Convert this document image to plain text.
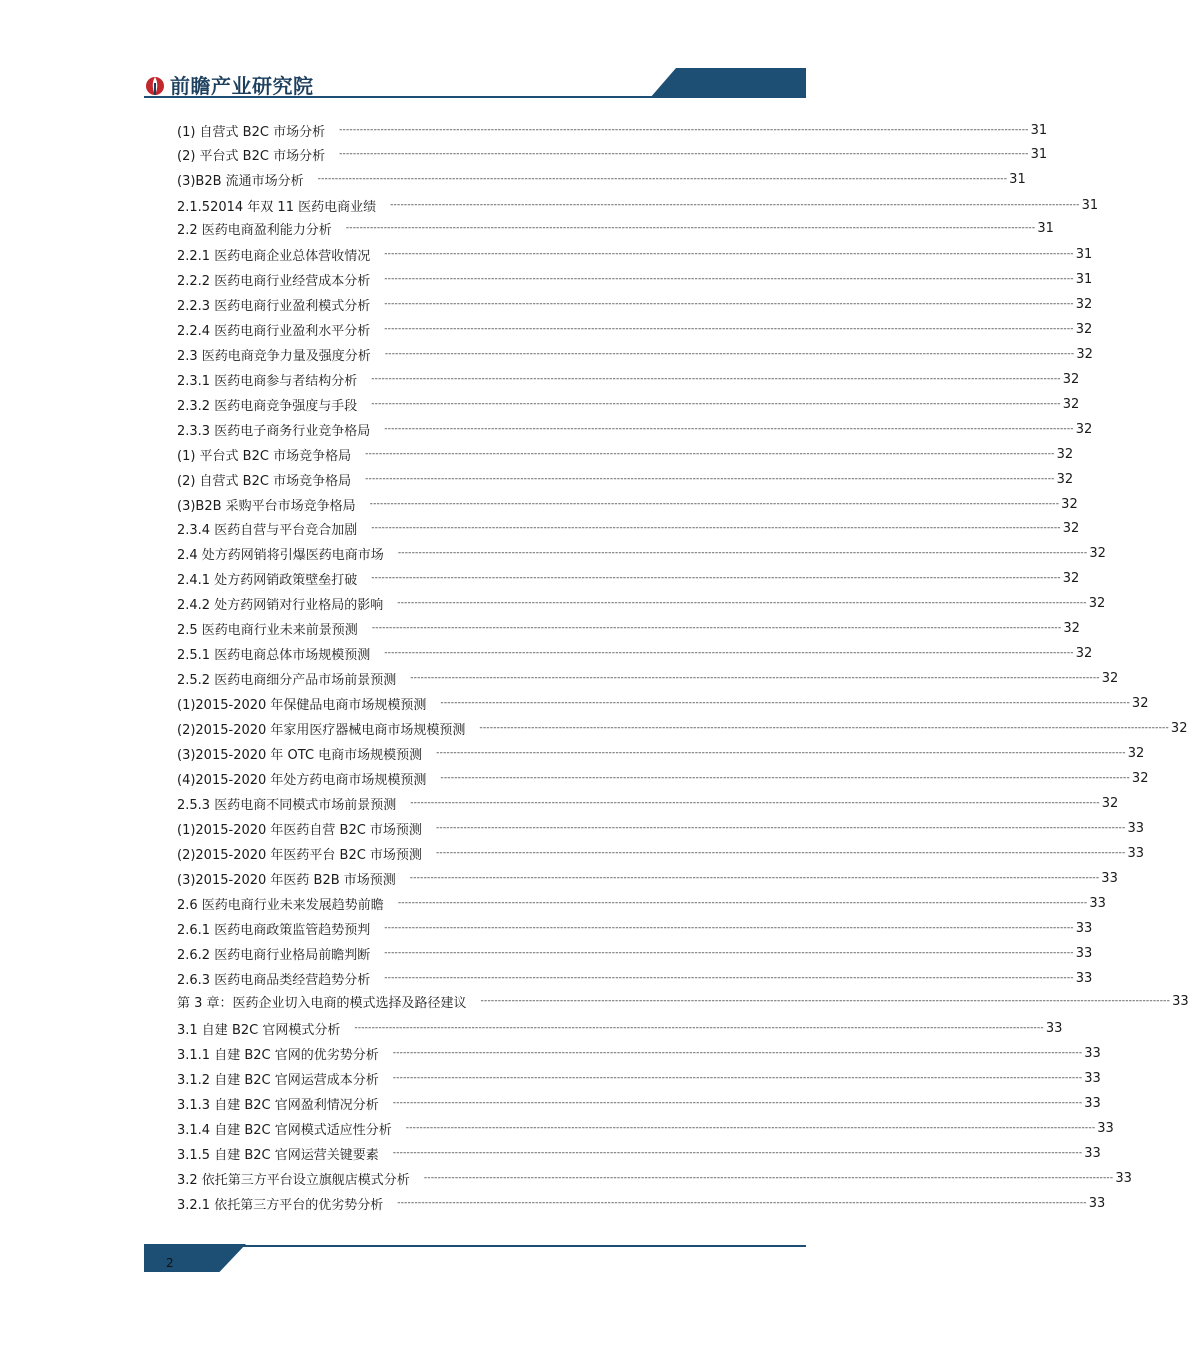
前瞻产业研究院
(1) 自营式 B2C 市场分析 -------------------------------------------------------------------------------------------------------------------------------------------------------------------------------------------------------- 31
(2) 平台式 B2C 市场分析 -------------------------------------------------------------------------------------------------------------------------------------------------------------------------------------------------------- 31
(3)B2B 流通市场分析 -------------------------------------------------------------------------------------------------------------------------------------------------------------------------------------------------------- 31
2.1.52014 年双 11 医药电商业绩 -------------------------------------------------------------------------------------------------------------------------------------------------------------------------------------------------------- 31
2.2 医药电商盈利能力分析 -------------------------------------------------------------------------------------------------------------------------------------------------------------------------------------------------------- 31
2.2.1 医药电商企业总体营收情况 -------------------------------------------------------------------------------------------------------------------------------------------------------------------------------------------------------- 31
2.2.2 医药电商行业经营成本分析 -------------------------------------------------------------------------------------------------------------------------------------------------------------------------------------------------------- 31
2.2.3 医药电商行业盈利模式分析 -------------------------------------------------------------------------------------------------------------------------------------------------------------------------------------------------------- 32
2.2.4 医药电商行业盈利水平分析 -------------------------------------------------------------------------------------------------------------------------------------------------------------------------------------------------------- 32
2.3 医药电商竞争力量及强度分析 -------------------------------------------------------------------------------------------------------------------------------------------------------------------------------------------------------- 32
2.3.1 医药电商参与者结构分析 -------------------------------------------------------------------------------------------------------------------------------------------------------------------------------------------------------- 32
2.3.2 医药电商竞争强度与手段 -------------------------------------------------------------------------------------------------------------------------------------------------------------------------------------------------------- 32
2.3.3 医药电子商务行业竞争格局 -------------------------------------------------------------------------------------------------------------------------------------------------------------------------------------------------------- 32
(1) 平台式 B2C 市场竞争格局 -------------------------------------------------------------------------------------------------------------------------------------------------------------------------------------------------------- 32
(2) 自营式 B2C 市场竞争格局 -------------------------------------------------------------------------------------------------------------------------------------------------------------------------------------------------------- 32
(3)B2B 采购平台市场竞争格局 -------------------------------------------------------------------------------------------------------------------------------------------------------------------------------------------------------- 32
2.3.4 医药自营与平台竞合加剧 -------------------------------------------------------------------------------------------------------------------------------------------------------------------------------------------------------- 32
2.4 处方药网销将引爆医药电商市场 -------------------------------------------------------------------------------------------------------------------------------------------------------------------------------------------------------- 32
2.4.1 处方药网销政策壁垒打破 -------------------------------------------------------------------------------------------------------------------------------------------------------------------------------------------------------- 32
2.4.2 处方药网销对行业格局的影响 -------------------------------------------------------------------------------------------------------------------------------------------------------------------------------------------------------- 32
2.5 医药电商行业未来前景预测 -------------------------------------------------------------------------------------------------------------------------------------------------------------------------------------------------------- 32
2.5.1 医药电商总体市场规模预测 -------------------------------------------------------------------------------------------------------------------------------------------------------------------------------------------------------- 32
2.5.2 医药电商细分产品市场前景预测 -------------------------------------------------------------------------------------------------------------------------------------------------------------------------------------------------------- 32
(1)2015-2020 年保健品电商市场规模预测 -------------------------------------------------------------------------------------------------------------------------------------------------------------------------------------------------------- 32
(2)2015-2020 年家用医疗器械电商市场规模预测 -------------------------------------------------------------------------------------------------------------------------------------------------------------------------------------------------------- 32
(3)2015-2020 年 OTC 电商市场规模预测 -------------------------------------------------------------------------------------------------------------------------------------------------------------------------------------------------------- 32
(4)2015-2020 年处方药电商市场规模预测 -------------------------------------------------------------------------------------------------------------------------------------------------------------------------------------------------------- 32
2.5.3 医药电商不同模式市场前景预测 -------------------------------------------------------------------------------------------------------------------------------------------------------------------------------------------------------- 32
(1)2015-2020 年医药自营 B2C 市场预测 -------------------------------------------------------------------------------------------------------------------------------------------------------------------------------------------------------- 33
(2)2015-2020 年医药平台 B2C 市场预测 -------------------------------------------------------------------------------------------------------------------------------------------------------------------------------------------------------- 33
(3)2015-2020 年医药 B2B 市场预测 -------------------------------------------------------------------------------------------------------------------------------------------------------------------------------------------------------- 33
2.6 医药电商行业未来发展趋势前瞻 -------------------------------------------------------------------------------------------------------------------------------------------------------------------------------------------------------- 33
2.6.1 医药电商政策监管趋势预判 -------------------------------------------------------------------------------------------------------------------------------------------------------------------------------------------------------- 33
2.6.2 医药电商行业格局前瞻判断 -------------------------------------------------------------------------------------------------------------------------------------------------------------------------------------------------------- 33
2.6.3 医药电商品类经营趋势分析 -------------------------------------------------------------------------------------------------------------------------------------------------------------------------------------------------------- 33
第 3 章：医药企业切入电商的模式选择及路径建议 -------------------------------------------------------------------------------------------------------------------------------------------------------------------------------------------------------- 33
3.1 自建 B2C 官网模式分析 -------------------------------------------------------------------------------------------------------------------------------------------------------------------------------------------------------- 33
3.1.1 自建 B2C 官网的优劣势分析 -------------------------------------------------------------------------------------------------------------------------------------------------------------------------------------------------------- 33
3.1.2 自建 B2C 官网运营成本分析 -------------------------------------------------------------------------------------------------------------------------------------------------------------------------------------------------------- 33
3.1.3 自建 B2C 官网盈利情况分析 -------------------------------------------------------------------------------------------------------------------------------------------------------------------------------------------------------- 33
3.1.4 自建 B2C 官网模式适应性分析 -------------------------------------------------------------------------------------------------------------------------------------------------------------------------------------------------------- 33
3.1.5 自建 B2C 官网运营关键要素 -------------------------------------------------------------------------------------------------------------------------------------------------------------------------------------------------------- 33
3.2 依托第三方平台设立旗舰店模式分析 -------------------------------------------------------------------------------------------------------------------------------------------------------------------------------------------------------- 33
3.2.1 依托第三方平台的优劣势分析 -------------------------------------------------------------------------------------------------------------------------------------------------------------------------------------------------------- 33
2
